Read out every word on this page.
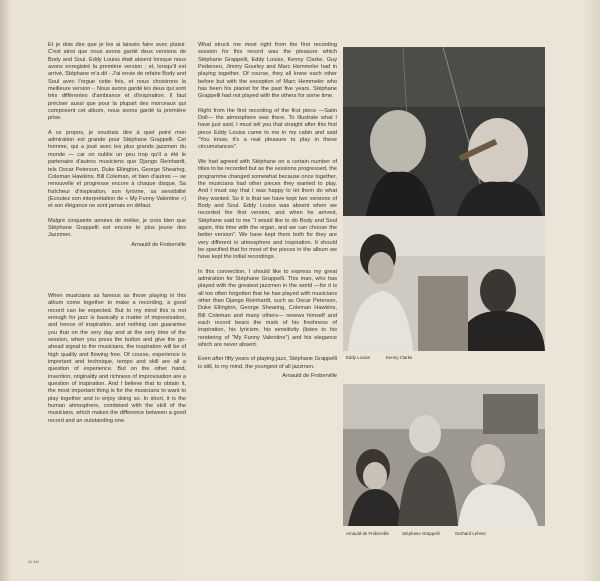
Et je dois dire que je les ai laissés faire avec plaisir. C'est ainsi que nous avons gardé deux versions de Body and Soul. Eddy Louiss était absent lorsque nous avons enregistré la première version ; et, lorsqu'il est arrivé, Stéphane m'a dit - J'ai envie de refaire Body and Soul avec l'orgue cette fois, et nous choisirons la meilleure version -. Nous avons gardé les deux qui sont très différentes d'ambiance et d'inspiration. Il faut préciser aussi que pour la plupart des morceaux qui composent cet album, nous avons gardé la première prise.

A ce propos, je voudrais dire à quel point mon admiration est grande pour Stéphane Grappelli. Cet homme, qui a joué avec les plus grands jazzmen du monde — car on oublie un peu trop qu'il a été le partenaire d'autres musiciens que Django Reinhardt, tels Oscar Peterson, Duke Ellington, George Shearing, Coleman Hawkins, Bill Coleman, et bien d'autres — se renouvelle et progresse encore à chaque disque. Sa fraîcheur d'inspiration, son lyrisme, sa sensibilité (Ecoutez son interprétation de « My Funny Valentine ») et son élégance ne sont jamais en défaut.

Malgré cinquante années de métier, je crois bien que Stéphane Grappelli est encore le plus jeune des Jazzmen.

Arnauld de Froberville

When musicians as famous as those playing in this album come together to make a recording, a good record can be expected. But to my mind this is not enough for jazz is basically a matter of improvisation, and hence of inspiration, and nothing can guarantee you that on the very day and at the very time of the session, when you press the button and give the go-ahead signal to the musicians, the inspiration will be of high quality and flowing free. Of course, experience is important and technique, tempo and skill are all a question of experience. But on the other hand, invention, originality and richness of improvisation are a question of inspiration. And I believe that to obtain it, the most important thing is for the musicians to want to play together and to enjoy doing so. In short, it is the human atmosphere, combined with the skill of the musicians, which makes the difference between a good record and an outstanding one.

What struck me most right from the first recording session for this record was the pleasure which Stéphane Grappelli, Eddy Louiss, Kenny Clarke, Guy Pedersen, Jimmy Gourley and Marc Hemmeler had in playing together. Of course, they all knew each other before but with the exception of Marc Hemmeler who has been his pianist for the past five years, Stéphane Grappelli had not played with the others for some time.

Right from the first recording of the first piece —Satin Doll— the atmosphere was there. To illustrate what I have just said, I must tell you that straight after this first piece Eddy Louiss came to me in my cabin and said "You know, it's a real pleasure to play in these circumstances".

We had agreed with Stéphane on a certain number of titles to be recorded but as the sessions progressed, the programme changed somewhat because once together, the musicians had other pieces they wanted to play. And I must say that I was happy to let them do what they wanted. So it is that we have kept two versions of Body and Soul. Eddy Louiss was absent when we recorded the first version, and when he arrived, Stéphane said to me "I would like to do Body and Soul again, this time with the organ, and we can choose the better version". We have kept them both for they are very different in atmosphere and inspiration. It should be specified that for most of the pieces in the album we have kept the initial recordings.

In this connection, I should like to express my great admiration for Stéphane Grappelli. This man, who has played with the greatest jazzmen in the world —for it is all too often forgotten that he has played with musicians other than Django Reinhardt, such as Oscar Peterson, Duke Ellington, George Shearing, Coleman Hawkins, Bill Coleman and many others— renews himself and each record bears the mark of his freshness of inspiration, his lyricism, his sensitivity (listen to his rendering of "My Funny Valentine") and his elegance which are never absent.

Even after fifty years of playing jazz, Stéphane Grappelli is still, to my mind, the youngest of all jazzmen.

Arnauld de Froberville
Eddy Louiss	Kenny Clarke
Arnauld de Froberville	Stéphane Grappelli	Gerhard Lehner
AJ 384
